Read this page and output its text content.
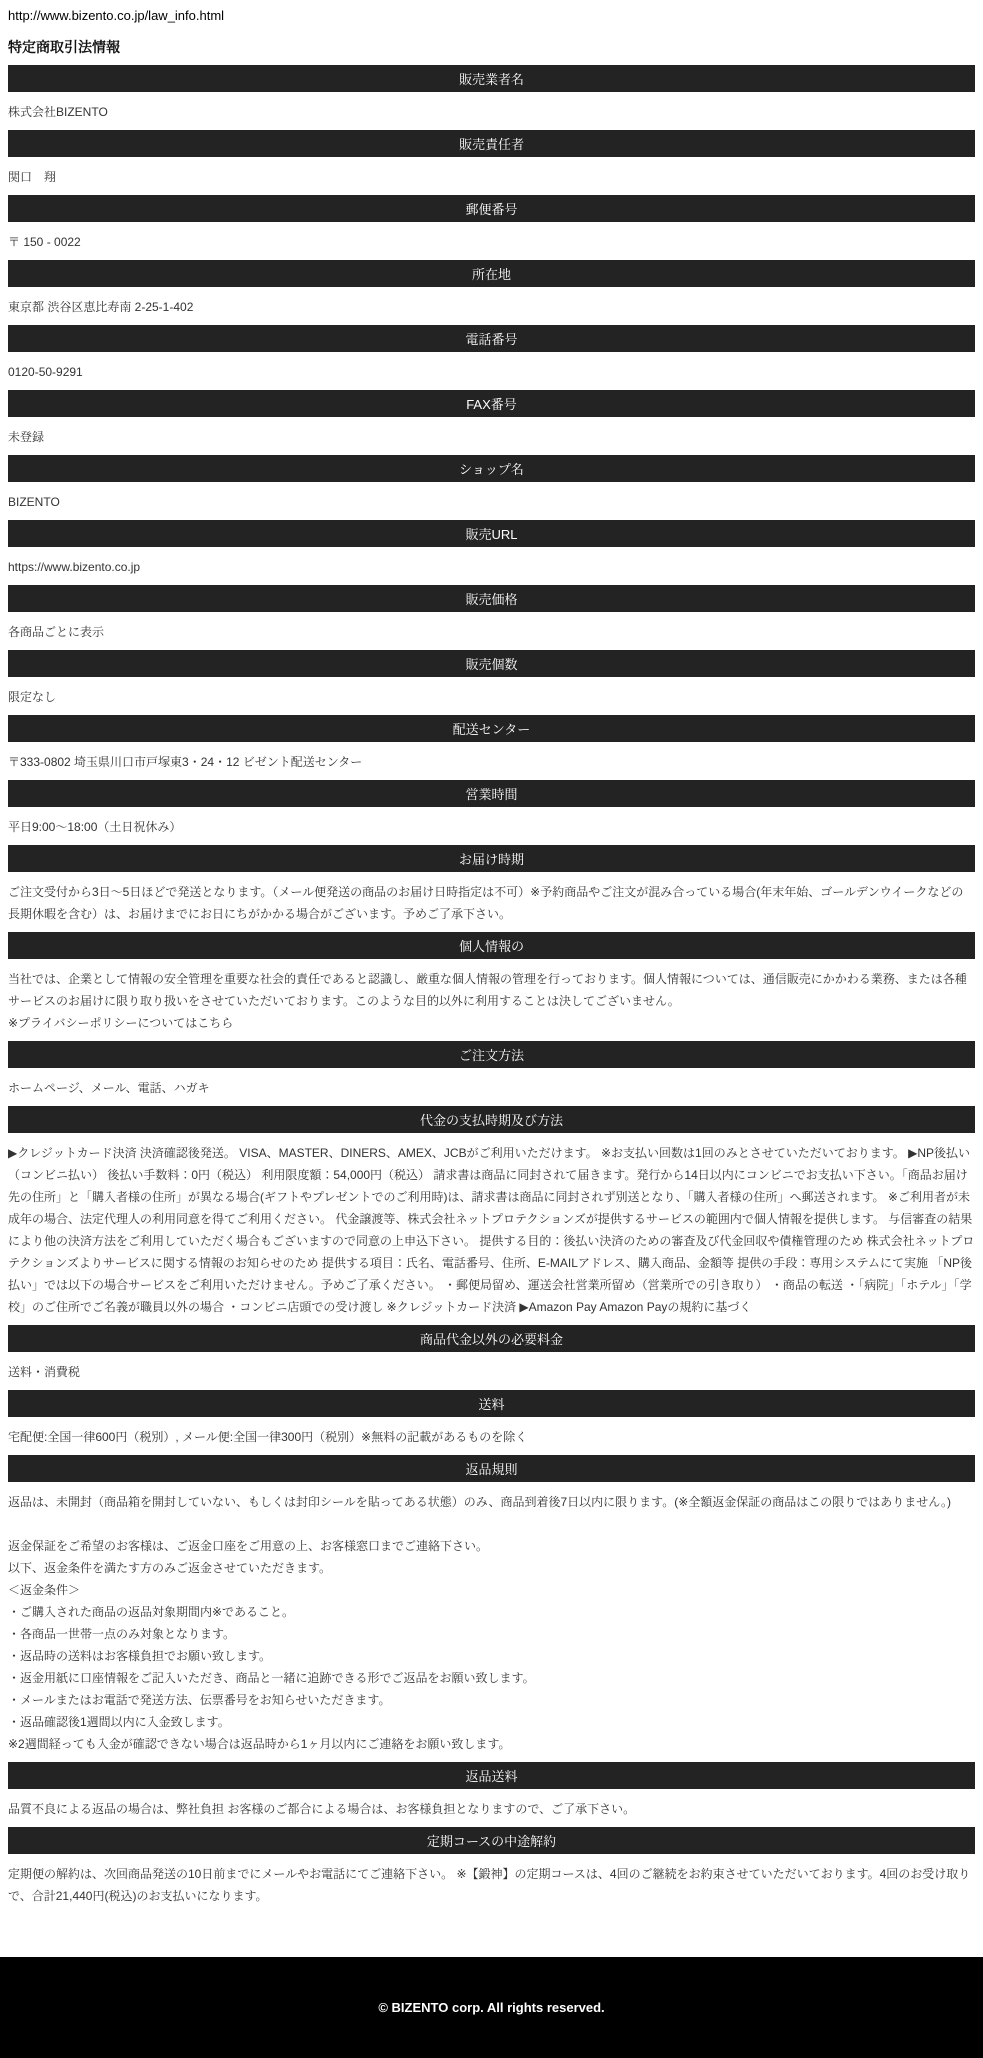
http://www.bizento.co.jp/law_info.html

特定商取引法情報
販売業者名

株式会社BIZENTO

販売責任者

関口　翔

郵便番号

〒 150 - 0022

所在地

東京都 渋谷区恵比寿南 2-25-1-402

電話番号

0120-50-9291

FAX番号

未登録

ショップ名

BIZENTO

販売URL

https://www.bizento.co.jp

販売価格

各商品ごとに表示

販売個数

限定なし

配送センター

〒333-0802 埼玉県川口市戸塚東3・24・12 ビゼント配送センター

営業時間

平日9:00〜18:00（土日祝休み）

お届け時期

ご注文受付から3日〜5日ほどで発送となります。（メール便発送の商品のお届け日時指定は不可）※予約商品やご注文が混み合っている場合(年末年始、ゴールデンウイークなどの長期休暇を含む）は、お届けまでにお日にちがかかる場合がございます。予めご了承下さい。

個人情報の

当社では、企業として情報の安全管理を重要な社会的責任であると認識し、厳重な個人情報の管理を行っております。個人情報については、通信販売にかかわる業務、または各種サービスのお届けに限り取り扱いをさせていただいております。このような目的以外に利用することは決してございません。

※プライバシーポリシーについてはこちら

ご注文方法

ホームページ、メール、電話、ハガキ

代金の支払時期及び方法

▶クレジットカード決済 決済確認後発送。 VISA、MASTER、DINERS、AMEX、JCBがご利用いただけます。 ※お支払い回数は1回のみとさせていただいております。 ▶NP後払い（コンビニ払い） 後払い手数料：0円（税込） 利用限度額：54,000円（税込） 請求書は商品に同封されて届きます。発行から14日以内にコンビニでお支払い下さい。「商品お届け先の住所」と「購入者様の住所」が異なる場合(ギフトやプレゼントでのご利用時)は、請求書は商品に同封されず別送となり、「購入者様の住所」へ郵送されます。 ※ご利用者が未成年の場合、法定代理人の利用同意を得てご利用ください。 代金譲渡等、株式会社ネットプロテクションズが提供するサービスの範囲内で個人情報を提供します。 与信審査の結果により他の決済方法をご利用していただく場合もございますので同意の上申込下さい。 提供する目的：後払い決済のための審査及び代金回収や債権管理のため 株式会社ネットプロテクションズよりサービスに関する情報のお知らせのため 提供する項目：氏名、電話番号、住所、E-MAILアドレス、購入商品、金額等 提供の手段：専用システムにて実施 「NP後払い」では以下の場合サービスをご利用いただけません。予めご了承ください。 ・郵便局留め、運送会社営業所留め（営業所での引き取り） ・商品の転送 ・「病院」「ホテル」「学校」のご住所でご名義が職員以外の場合 ・コンビニ店頭での受け渡し ※クレジットカード決済 ▶Amazon Pay Amazon Payの規約に基づく

商品代金以外の必要料金

送料・消費税

送料

宅配便:全国一律600円（税別）, メール便:全国一律300円（税別）※無料の記載があるものを除く

返品規則

返品は、未開封（商品箱を開封していない、もしくは封印シールを貼ってある状態）のみ、商品到着後7日以内に限ります。(※全額返金保証の商品はこの限りではありません。)

返金保証をご希望のお客様は、ご返金口座をご用意の上、お客様窓口までご連絡下さい。

以下、返金条件を満たす方のみご返金させていただきます。

＜返金条件＞

・ご購入された商品の返品対象期間内※であること。

・各商品一世帯一点のみ対象となります。

・返品時の送料はお客様負担でお願い致します。

・返金用紙に口座情報をご記入いただき、商品と一緒に追跡できる形でご返品をお願い致します。

・メールまたはお電話で発送方法、伝票番号をお知らせいただきます。

・返品確認後1週間以内に入金致します。

※2週間経っても入金が確認できない場合は返品時から1ヶ月以内にご連絡をお願い致します。

返品送料

品質不良による返品の場合は、弊社負担 お客様のご都合による場合は、お客様負担となりますので、ご了承下さい。

定期コースの中途解約

定期便の解約は、次回商品発送の10日前までにメールやお電話にてご連絡下さい。 ※【鍛神】の定期コースは、4回のご継続をお約束させていただいております。4回のお受け取りで、合計21,440円(税込)のお支払いになります。

© BIZENTO corp. All rights reserved.
